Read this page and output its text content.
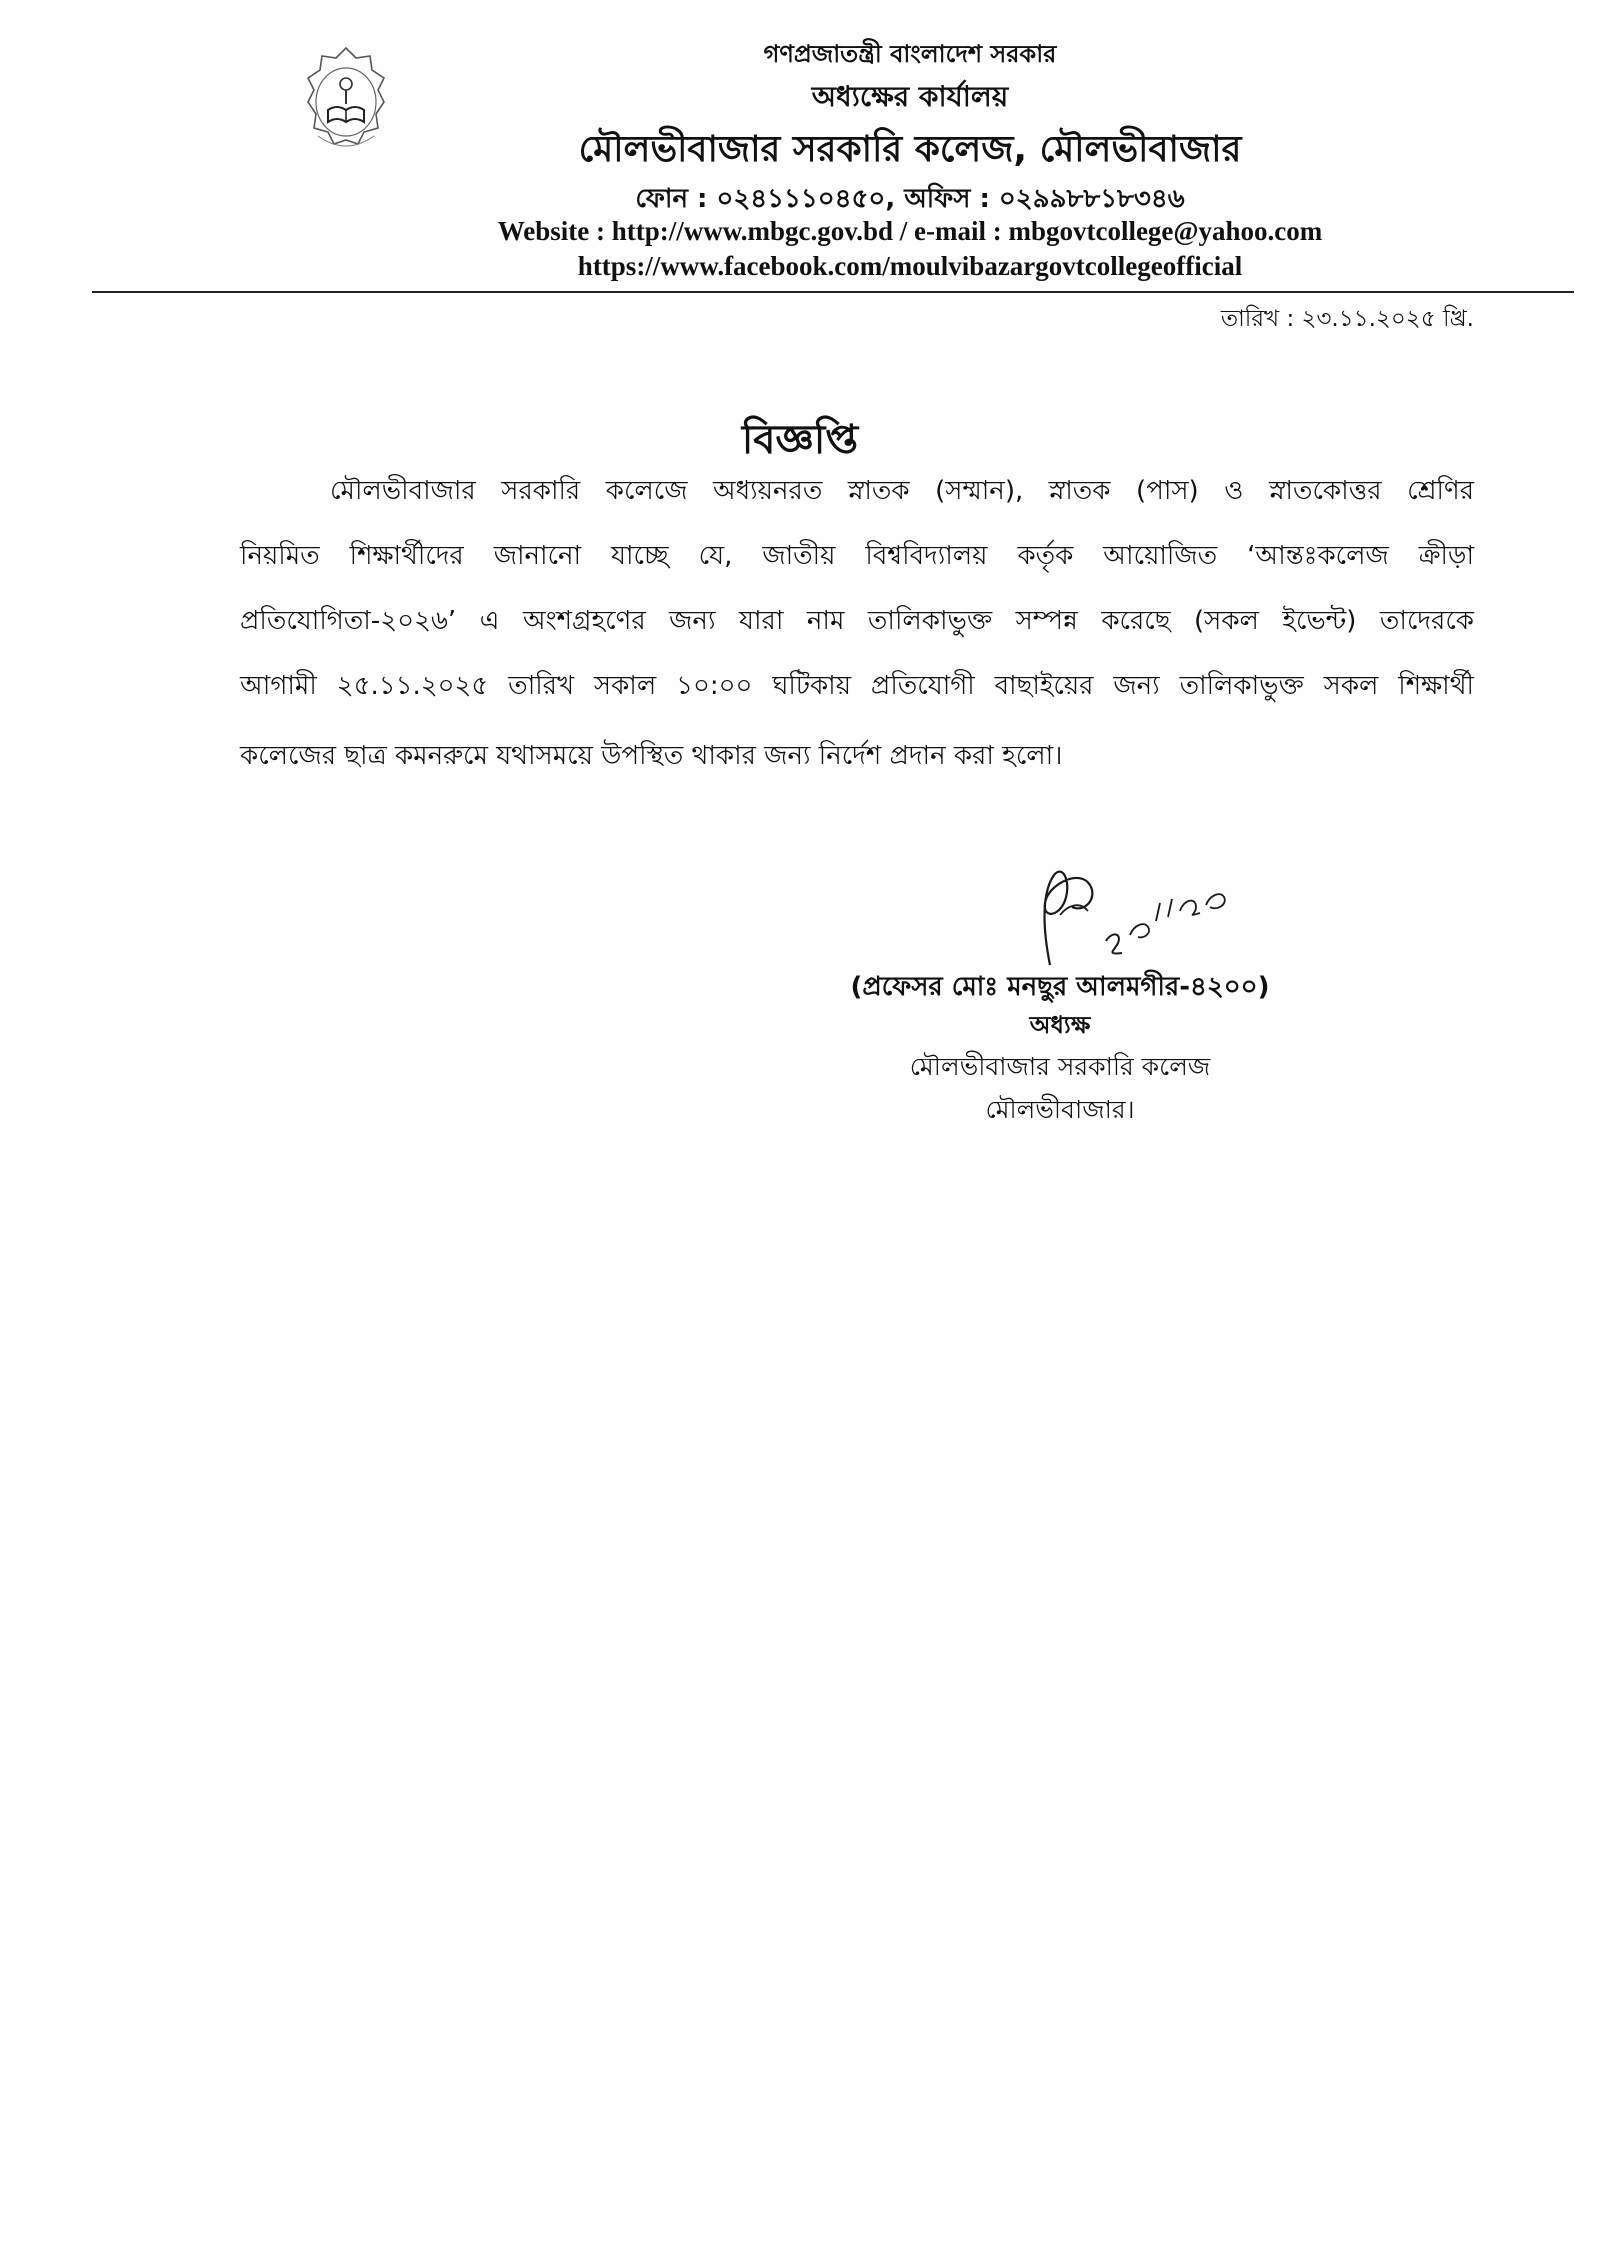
গণপ্রজাতন্ত্রী বাংলাদেশ সরকার
অধ্যক্ষের কার্যালয়
মৌলভীবাজার সরকারি কলেজ, মৌলভীবাজার
ফোন : ০২৪১১১০৪৫০, অফিস : ০২৯৯৮৮১৮৩৪৬
Website : http://www.mbgc.gov.bd / e-mail : mbgovtcollege@yahoo.com
https://www.facebook.com/moulvibazargovtcollegeofficial
তারিখ : ২৩.১১.২০২৫ খ্রি.
বিজ্ঞপ্তি
মৌলভীবাজার সরকারি কলেজে অধ্যয়নরত স্নাতক (সম্মান), স্নাতক (পাস) ও স্নাতকোত্তর শ্রেণির
নিয়মিত শিক্ষার্থীদের জানানো যাচ্ছে যে, জাতীয় বিশ্ববিদ্যালয় কর্তৃক আয়োজিত ‘আন্তঃকলেজ ক্রীড়া
প্রতিযোগিতা-২০২৬’ এ অংশগ্রহণের জন্য যারা নাম তালিকাভুক্ত সম্পন্ন করেছে (সকল ইভেন্ট) তাদেরকে
আগামী ২৫.১১.২০২৫ তারিখ সকাল ১০:০০ ঘটিকায় প্রতিযোগী বাছাইয়ের জন্য তালিকাভুক্ত সকল শিক্ষার্থী
কলেজের ছাত্র কমনরুমে যথাসময়ে উপস্থিত থাকার জন্য নির্দেশ প্রদান করা হলো।
(প্রফেসর মোঃ মনছুর আলমগীর-৪২০০)
অধ্যক্ষ
মৌলভীবাজার সরকারি কলেজ
মৌলভীবাজার।
